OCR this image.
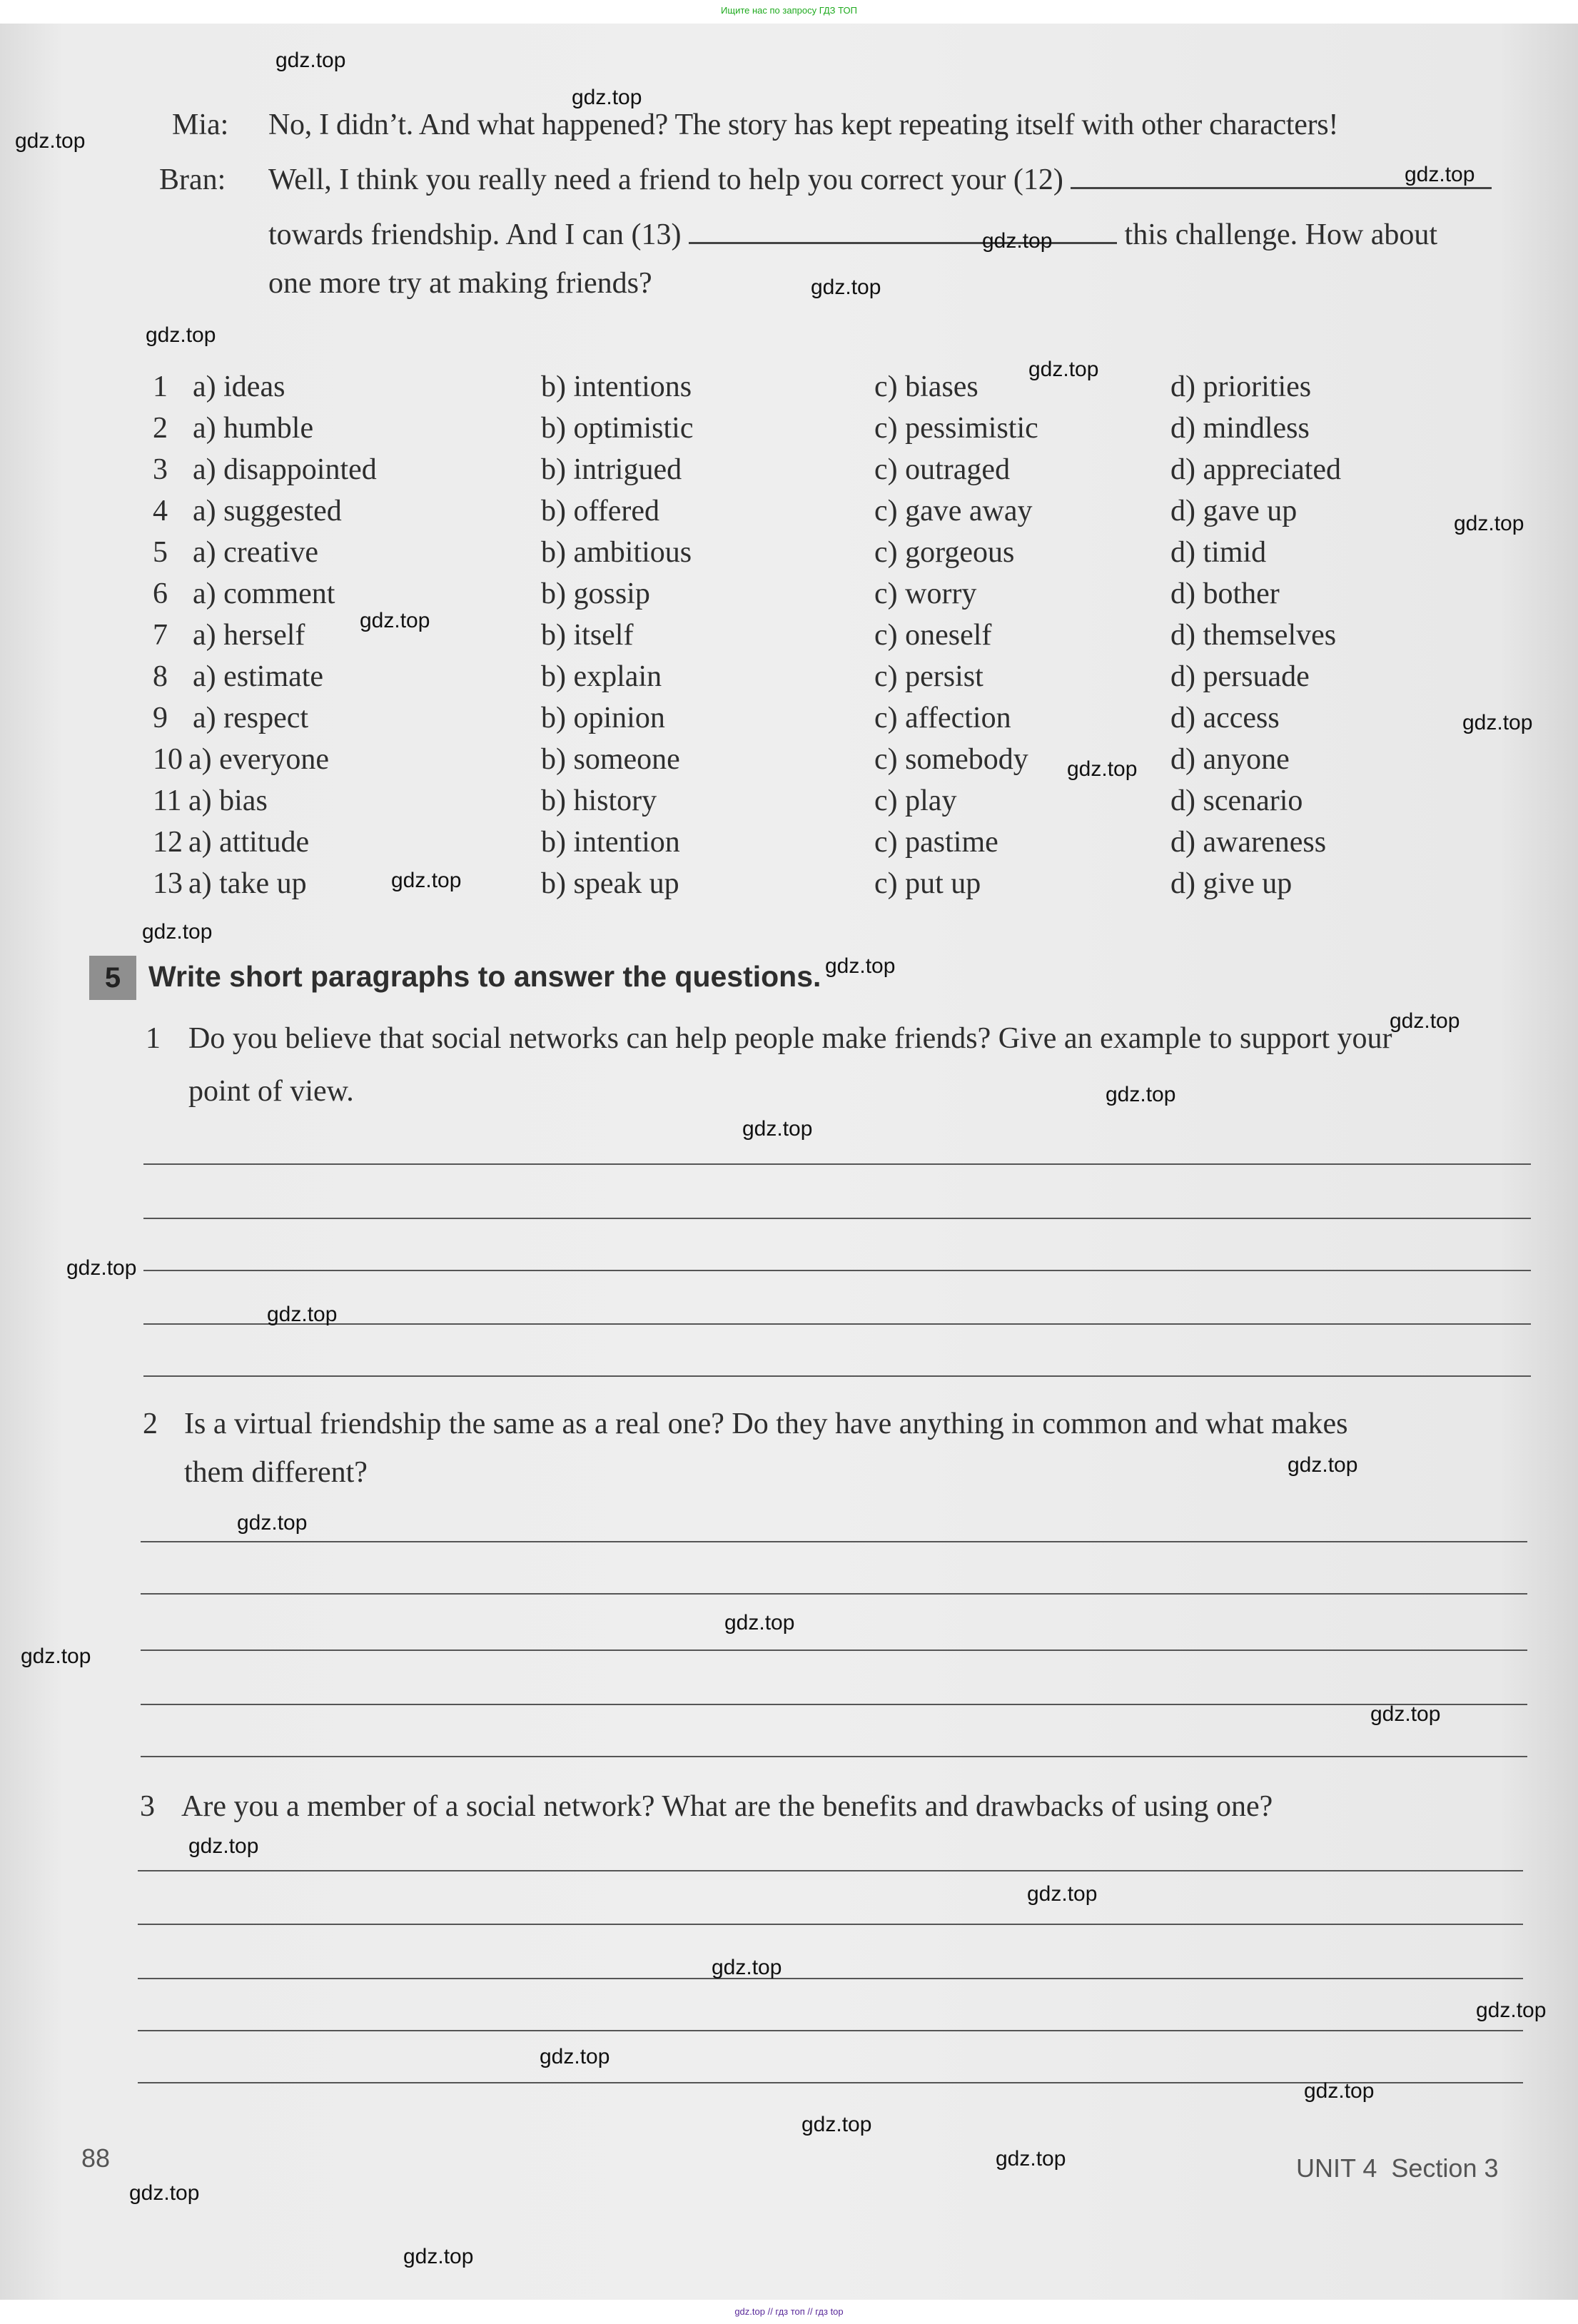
Ищите нас по запросу ГДЗ ТОП
Mia: No, I didn’t. And what happened? The story has kept repeating itself with other characters!
Bran: Well, I think you really need a friend to help you correct your (12)
towards friendship. And I can (13)	this challenge. How about
one more try at making friends?
1 a) ideas	b) intentions	c) biases	d) priorities
2 a) humble	b) optimistic	c) pessimistic	d) mindless
3 a) disappointed	b) intrigued	c) outraged	d) appreciated
4 a) suggested	b) offered	c) gave away	d) gave up
5 a) creative	b) ambitious	c) gorgeous	d) timid
6 a) comment	b) gossip	c) worry	d) bother
7 a) herself	b) itself	c) oneself	d) themselves
8 a) estimate	b) explain	c) persist	d) persuade
9 a) respect	b) opinion	c) affection	d) access
10 a) everyone	b) someone	c) somebody	d) anyone
11 a) bias	b) history	c) play	d) scenario
12 a) attitude	b) intention	c) pastime	d) awareness
13 a) take up	b) speak up	c) put up	d) give up
5 Write short paragraphs to answer the questions.
1 Do you believe that social networks can help people make friends? Give an example to support your
point of view.
2 Is a virtual friendship the same as a real one? Do they have anything in common and what makes
them different?
3 Are you a member of a social network? What are the benefits and drawbacks of using one?
88	UNIT 4 Section 3
gdz.top
gdz.top
gdz.top
gdz.top
gdz.top
gdz.top
gdz.top
gdz.top
gdz.top
gdz.top
gdz.top
gdz.top
gdz.top
gdz.top
gdz.top
gdz.top
gdz.top
gdz.top
gdz.top
gdz.top
gdz.top
gdz.top
gdz.top
gdz.top
gdz.top
gdz.top
gdz.top
gdz.top
gdz.top
gdz.top
gdz.top
gdz.top
gdz.top
gdz.top
gdz.top
gdz.top // гдз топ // гдз top
